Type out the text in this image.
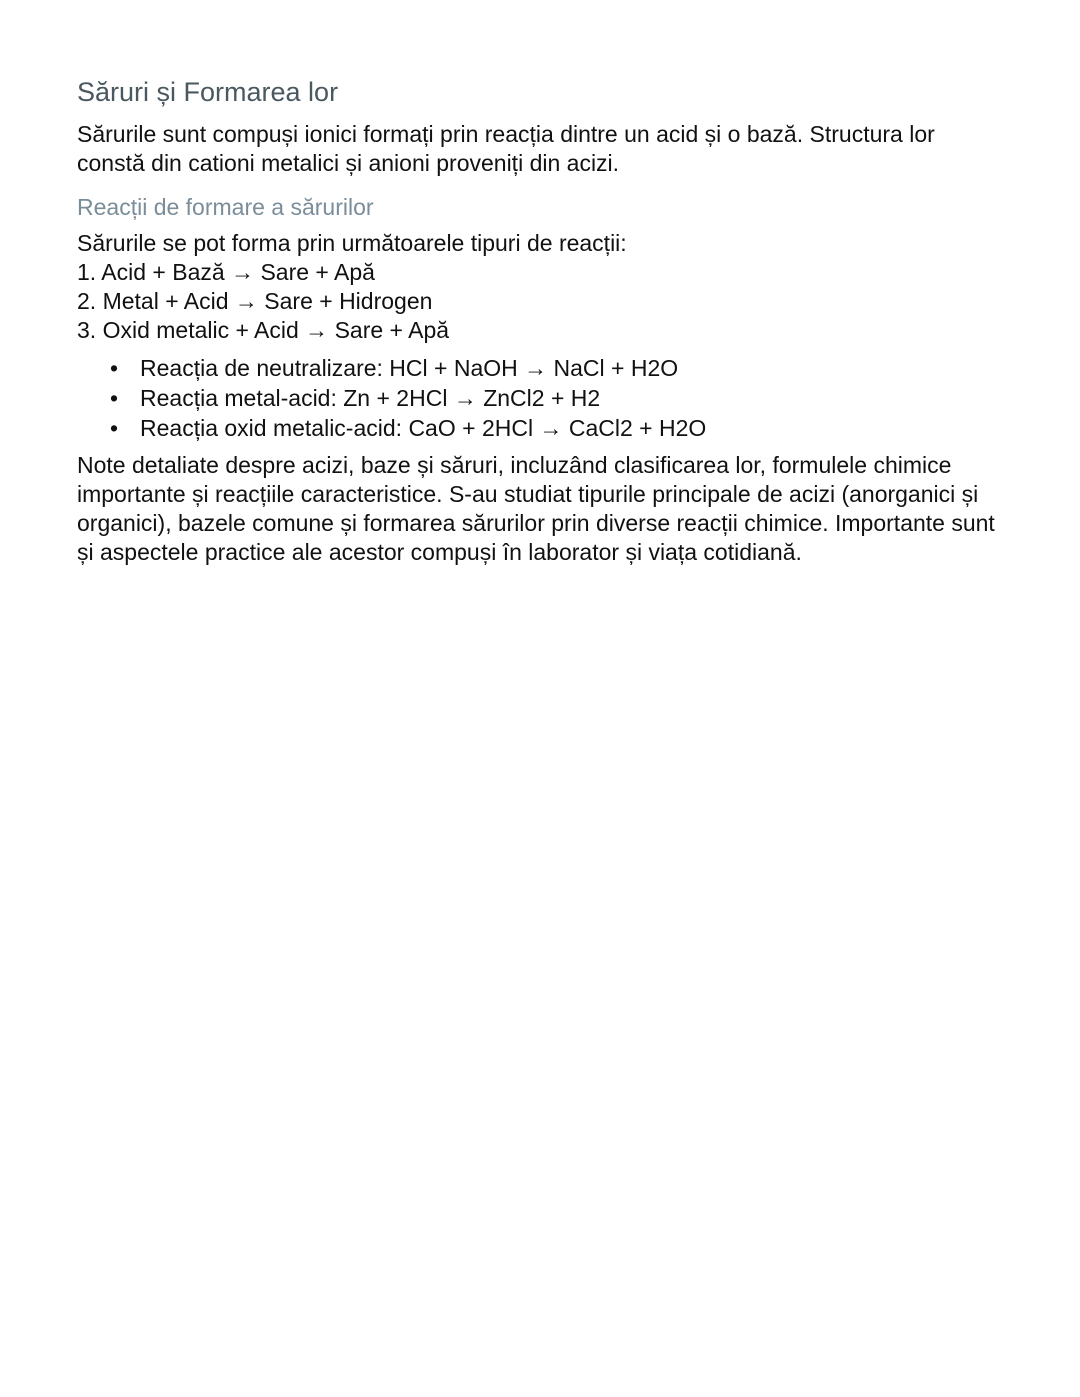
Săruri și Formarea lor

Sărurile sunt compuși ionici formați prin reacția dintre un acid și o bază. Structura lor constă din cationi metalici și anioni proveniți din acizi.

Reacții de formare a sărurilor
Sărurile se pot forma prin următoarele tipuri de reacții:
1. Acid + Bază → Sare + Apă
2. Metal + Acid → Sare + Hidrogen
3. Oxid metalic + Acid → Sare + Apă
• Reacția de neutralizare: HCl + NaOH → NaCl + H2O
• Reacția metal-acid: Zn + 2HCl → ZnCl2 + H2
• Reacția oxid metalic-acid: CaO + 2HCl → CaCl2 + H2O

Note detaliate despre acizi, baze și săruri, incluzând clasificarea lor, formulele chimice importante și reacțiile caracteristice. S-au studiat tipurile principale de acizi (anorganici și organici), bazele comune și formarea sărurilor prin diverse reacții chimice. Importante sunt și aspectele practice ale acestor compuși în laborator și viața cotidiană.
